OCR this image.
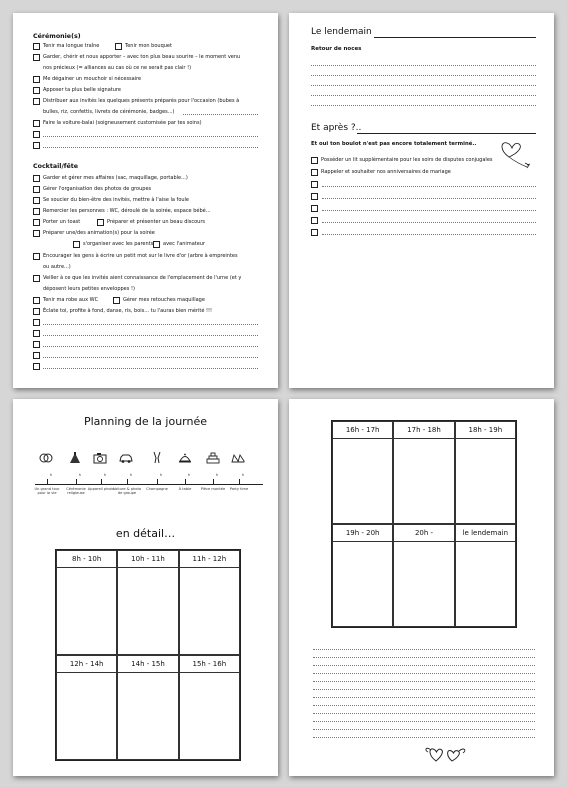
Cérémonie(s)
Tenir ma longue traîne	Tenir mon bouquet
Garder, chérir et nous apporter – avec ton plus beau sourire – le moment venu
nos précieux (= alliances au cas où ce ne serait pas clair !)
Me dégainer un mouchoir si nécessaire
Apposer ta plus belle signature
Distribuer aux invités les quelques présents préparés pour l'occasion (bubes à
bulles, riz, confettis, livrets de cérémonie, badges...)
Faire la voiture-balai (soigneusement customisée par tes soins)
Cocktail/fête
Garder et gérer mes affaires (sac, maquillage, portable...)
Gérer l'organisation des photos de groupes
Se soucier du bien-être des invités, mettre à l'aise la foule
Remercier les personnes : WC, déroulé de la soirée, espace bébé...
Porter un toast	Préparer et présenter un beau discours
Préparer une/des animation(s) pour la soirée
s'organiser avec les parents avec l'animateur
Encourager les gens à écrire un petit mot sur le livre d'or (arbre à empreintes
ou autre...)
Veiller à ce que les invités aient connaissance de l'emplacement de l'urne (et y
déposent leurs petites enveloppes !)
Tenir ma robe aux WC	Gérer mes retouches maquillage
Éclate toi, profite à fond, danse, ris, bois... tu l'auras bien mérité !!!
Le lendemain
Retour de noces
Et après ?..
Et oui ton boulot n'est pas encore totalement terminé..
Posséder un lit supplémentaire pour les soirs de disputes conjugales
Rappeler et souhaiter nos anniversaires de mariage
Planning de la journée
h	h	h	h	h	h	h	h
Un grand tour pour la vie
Cérémonie religieuse
Appareil photo
Voiture & photo de groupe
Champagne	À table	Pièce montée	Party time
en détail…
8h - 10h	10h - 11h	11h - 12h
12h - 14h	14h - 15h	15h - 16h
16h - 17h	17h - 18h	18h - 19h
19h - 20h	20h -	le lendemain
